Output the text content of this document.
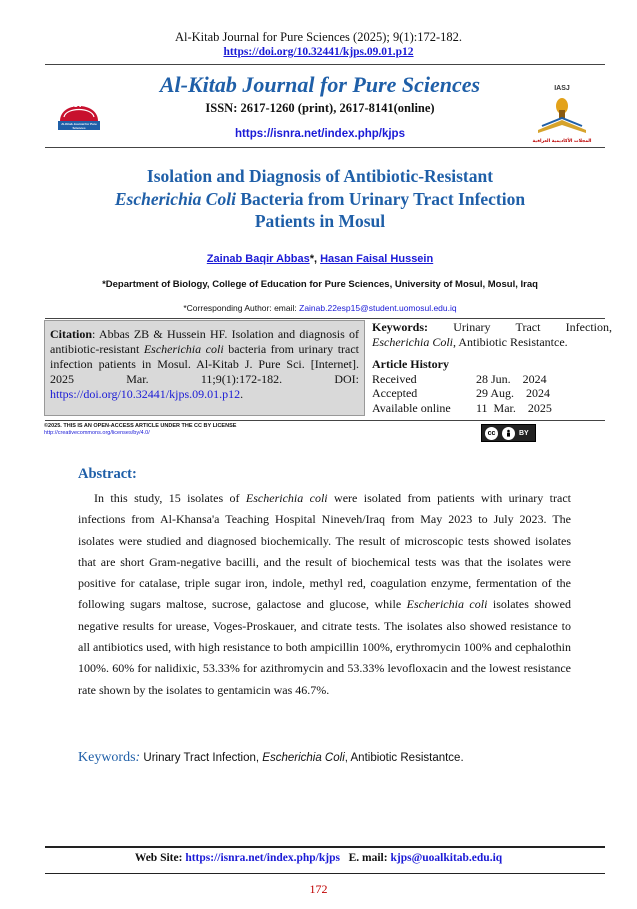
Al-Kitab Journal for Pure Sciences (2025); 9(1):172-182.
https://doi.org/10.32441/kjps.09.01.p12
KJPS
Al-Kitab Journal for Pure Sciences
Al-Kitab Journal for Pure Sciences
ISSN: 2617-1260 (print), 2617-8141(online)
https://isnra.net/index.php/kjps
IASJ
المجلات الأكاديمية العراقية
Isolation and Diagnosis of Antibiotic-Resistant
Escherichia Coli Bacteria from Urinary Tract Infection
Patients in Mosul
Zainab Baqir Abbas*, Hasan Faisal Hussein
*Department of Biology, College of Education for Pure Sciences, University of Mosul, Mosul, Iraq
*Corresponding Author: email: Zainab.22esp15@student.uomosul.edu.iq
Citation: Abbas ZB & Hussein HF. Isolation and diagnosis of antibiotic-resistant Escherichia coli bacteria from urinary tract infection patients in Mosul. Al-Kitab J. Pure Sci. [Internet]. 2025 Mar. 11;9(1):172-182. DOI: https://doi.org/10.32441/kjps.09.01.p12.
Keywords: Urinary Tract Infection,
Escherichia Coli, Antibiotic Resistantce.
Article History
Received	28 Jun.    2024
Accepted	29 Aug.    2024
Available online	11  Mar.    2025
©2025. THIS IS AN OPEN-ACCESS ARTICLE UNDER THE CC BY LICENSE
http://creativecommons.org/licenses/by/4.0/	cc	BY
Abstract:
In this study, 15 isolates of Escherichia coli were isolated from patients with urinary tract infections from Al-Khansa'a Teaching Hospital Nineveh/Iraq from May 2023 to July 2023. The isolates were studied and diagnosed biochemically. The result of microscopic tests showed isolates that are short Gram-negative bacilli, and the result of biochemical tests was that the isolates were positive for catalase, triple sugar iron, indole, methyl red, coagulation enzyme, fermentation of the following sugars maltose, sucrose, galactose and glucose, while Escherichia coli isolates showed negative results for urease, Voges-Proskauer, and citrate tests. The isolates also showed resistance to all antibiotics used, with high resistance to both ampicillin 100%, erythromycin 100% and cephalothin 100%. 60% for nalidixic, 53.33% for azithromycin and 53.33% levofloxacin and the lowest resistance rate shown by the isolates to gentamicin was 46.7%.
Keywords: Urinary Tract Infection, Escherichia Coli, Antibiotic Resistantce.
Web Site: https://isnra.net/index.php/kjps   E. mail: kjps@uoalkitab.edu.iq
172
